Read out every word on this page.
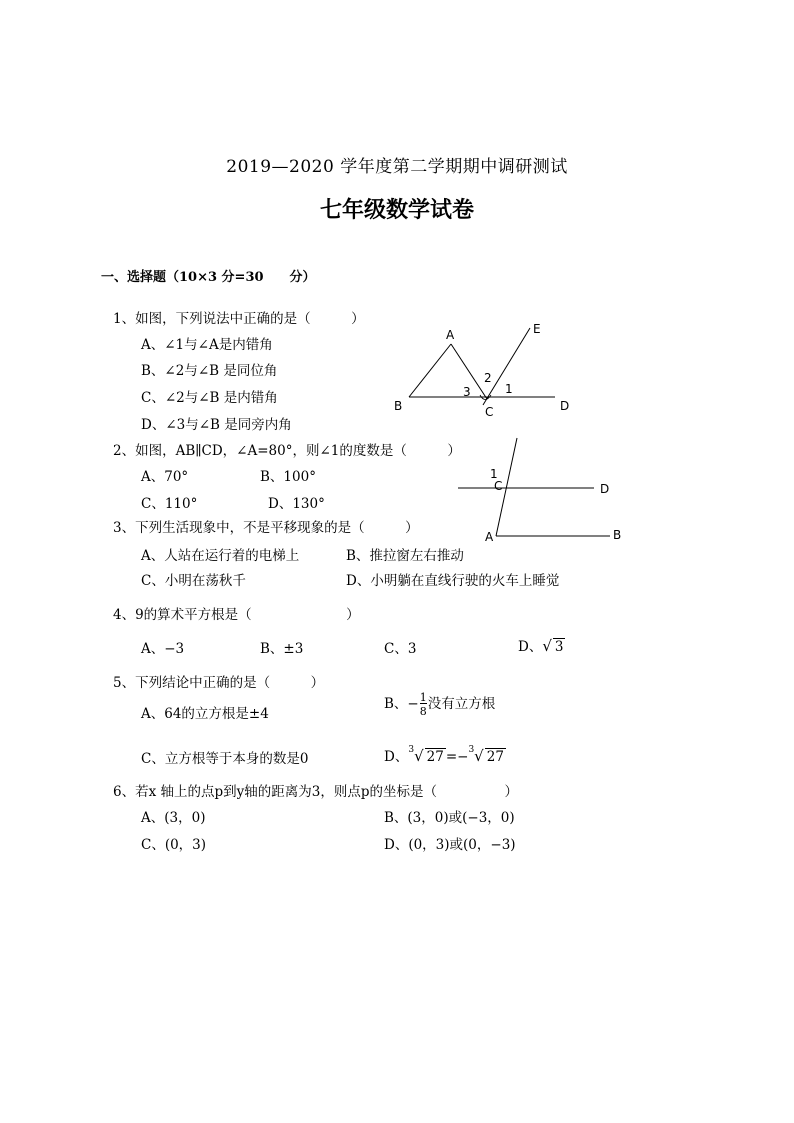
2019—2020 学年度第二学期期中调研测试
七年级数学试卷
一、选择题（10×3 分=30　　分）
1、如图，下列说法中正确的是（　　　）
A、∠1与∠A是内错角
B、∠2与∠B 是同位角
C、∠2与∠B 是内错角
D、∠3与∠B 是同旁内角
A
B	C	D
E
1
2
3
2、如图，AB∥CD，∠A=80°，则∠1的度数是（　　　）
A、70°	B、100°
C、110°	D、130°
A	B
C	D
1
3、下列生活现象中，不是平移现象的是（　　　）
A、人站在运行着的电梯上	B、推拉窗左右推动
C、小明在荡秋千	D、小明躺在直线行驶的火车上睡觉
4、9的算术平方根是（　　　　　　　）
A、−3	B、±3	C、3	D、√ 3
5、下列结论中正确的是（　　　）
A、64的立方根是±4
B、− $\frac{1}{8}$ 没有立方根
C、立方根等于本身的数是0	D、$^3$√ 27 =−$^3$√ 27
6、若x 轴上的点p到y轴的距离为3，则点p的坐标是（　　　　　）
A、(3，0)	B、(3，0)或(−3，0)
C、(0，3)	D、(0，3)或(0，−3)
